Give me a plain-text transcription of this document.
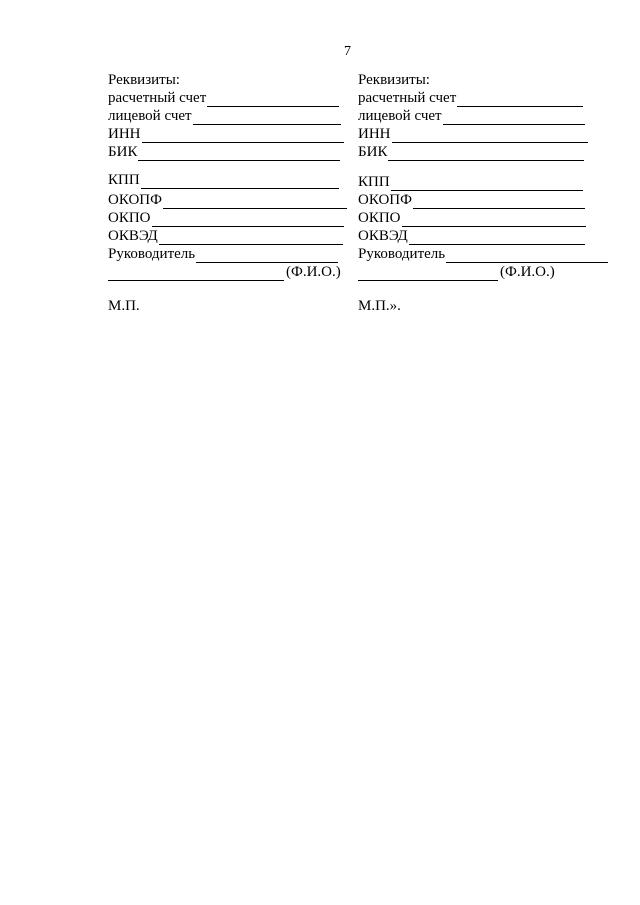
7
Реквизиты:
расчетный счет
лицевой счет
ИНН
БИК
КПП
ОКОПФ
ОКПО
ОКВЭД
Руководитель
(Ф.И.О.)
М.П.
Реквизиты:
расчетный счет
лицевой счет
ИНН
БИК
КПП
ОКОПФ
ОКПО
ОКВЭД
Руководитель
(Ф.И.О.)
М.П.».
